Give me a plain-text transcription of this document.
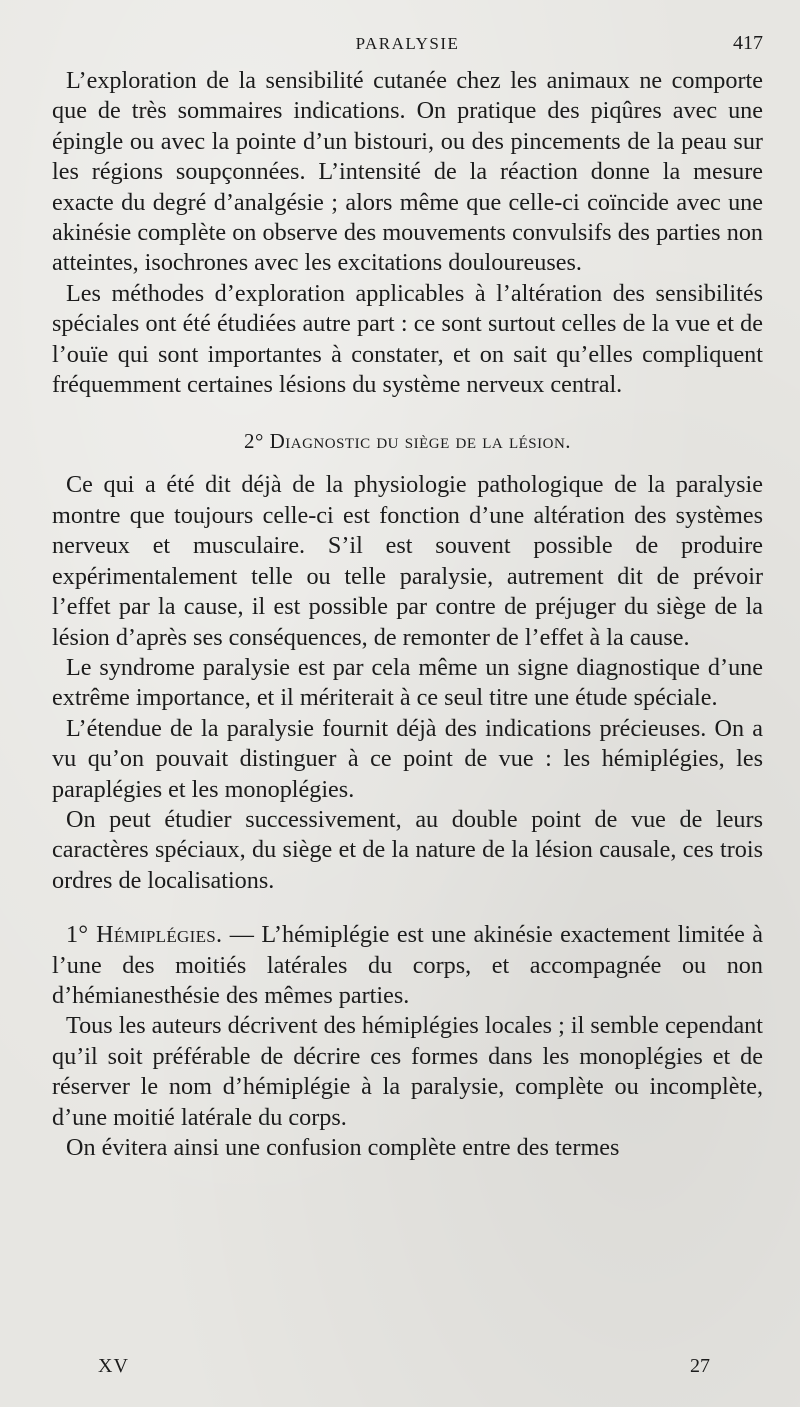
PARALYSIE	417

L’exploration de la sensibilité cutanée chez les animaux ne comporte que de très sommaires indications. On pratique des piqûres avec une épingle ou avec la pointe d’un bistouri, ou des pincements de la peau sur les régions soupçonnées. L’intensité de la réaction donne la mesure exacte du degré d’analgésie ; alors même que celle-ci coïncide avec une akinésie complète on observe des mouvements convulsifs des parties non atteintes, isochrones avec les excitations douloureuses.

Les méthodes d’exploration applicables à l’altération des sensibilités spéciales ont été étudiées autre part : ce sont surtout celles de la vue et de l’ouïe qui sont importantes à constater, et on sait qu’elles compliquent fréquemment certaines lésions du système nerveux central.

2° Diagnostic du siège de la lésion.

Ce qui a été dit déjà de la physiologie pathologique de la paralysie montre que toujours celle-ci est fonction d’une altération des systèmes nerveux et musculaire. S’il est souvent possible de produire expérimentalement telle ou telle paralysie, autrement dit de prévoir l’effet par la cause, il est possible par contre de préjuger du siège de la lésion d’après ses conséquences, de remonter de l’effet à la cause.

Le syndrome paralysie est par cela même un signe diagnostique d’une extrême importance, et il mériterait à ce seul titre une étude spéciale.

L’étendue de la paralysie fournit déjà des indications précieuses. On a vu qu’on pouvait distinguer à ce point de vue : les hémiplégies, les paraplégies et les monoplégies.

On peut étudier successivement, au double point de vue de leurs caractères spéciaux, du siège et de la nature de la lésion causale, ces trois ordres de localisations.

1° Hémiplégies. — L’hémiplégie est une akinésie exactement limitée à l’une des moitiés latérales du corps, et accompagnée ou non d’hémianesthésie des mêmes parties.

Tous les auteurs décrivent des hémiplégies locales ; il semble cependant qu’il soit préférable de décrire ces formes dans les monoplégies et de réserver le nom d’hémiplégie à la paralysie, complète ou incomplète, d’une moitié latérale du corps.

On évitera ainsi une confusion complète entre des termes

XV	27
